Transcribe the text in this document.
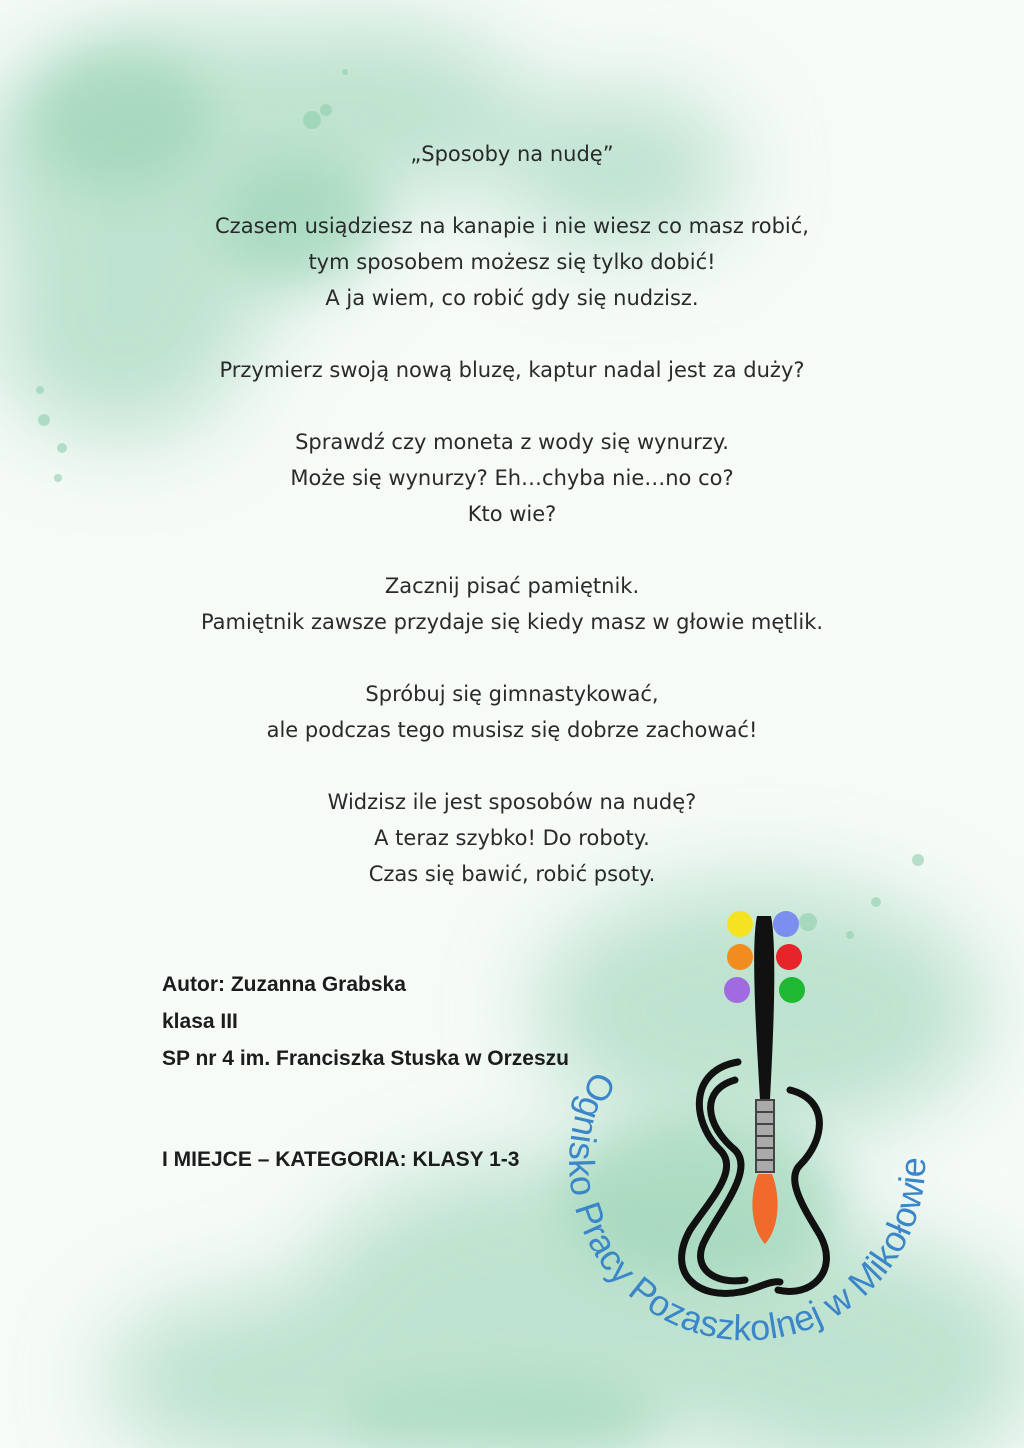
„Sposoby na nudę”
Czasem usiądziesz na kanapie i nie wiesz co masz robić,
tym sposobem możesz się tylko dobić!
A ja wiem, co robić gdy się nudzisz.
Przymierz swoją nową bluzę, kaptur nadal jest za duży?
Sprawdź czy moneta z wody się wynurzy.
Może się wynurzy? Eh…chyba nie…no co?
Kto wie?
Zacznij pisać pamiętnik.
Pamiętnik zawsze przydaje się kiedy masz w głowie mętlik.
Spróbuj się gimnastykować,
ale podczas tego musisz się dobrze zachować!
Widzisz ile jest sposobów na nudę?
A teraz szybko! Do roboty.
Czas się bawić, robić psoty.
Autor: Zuzanna Grabska
klasa III
SP nr 4 im. Franciszka Stuska w Orzeszu
I MIEJCE – KATEGORIA: KLASY 1-3
Ognisko Pracy Pozaszkolnej w Mikołowie
